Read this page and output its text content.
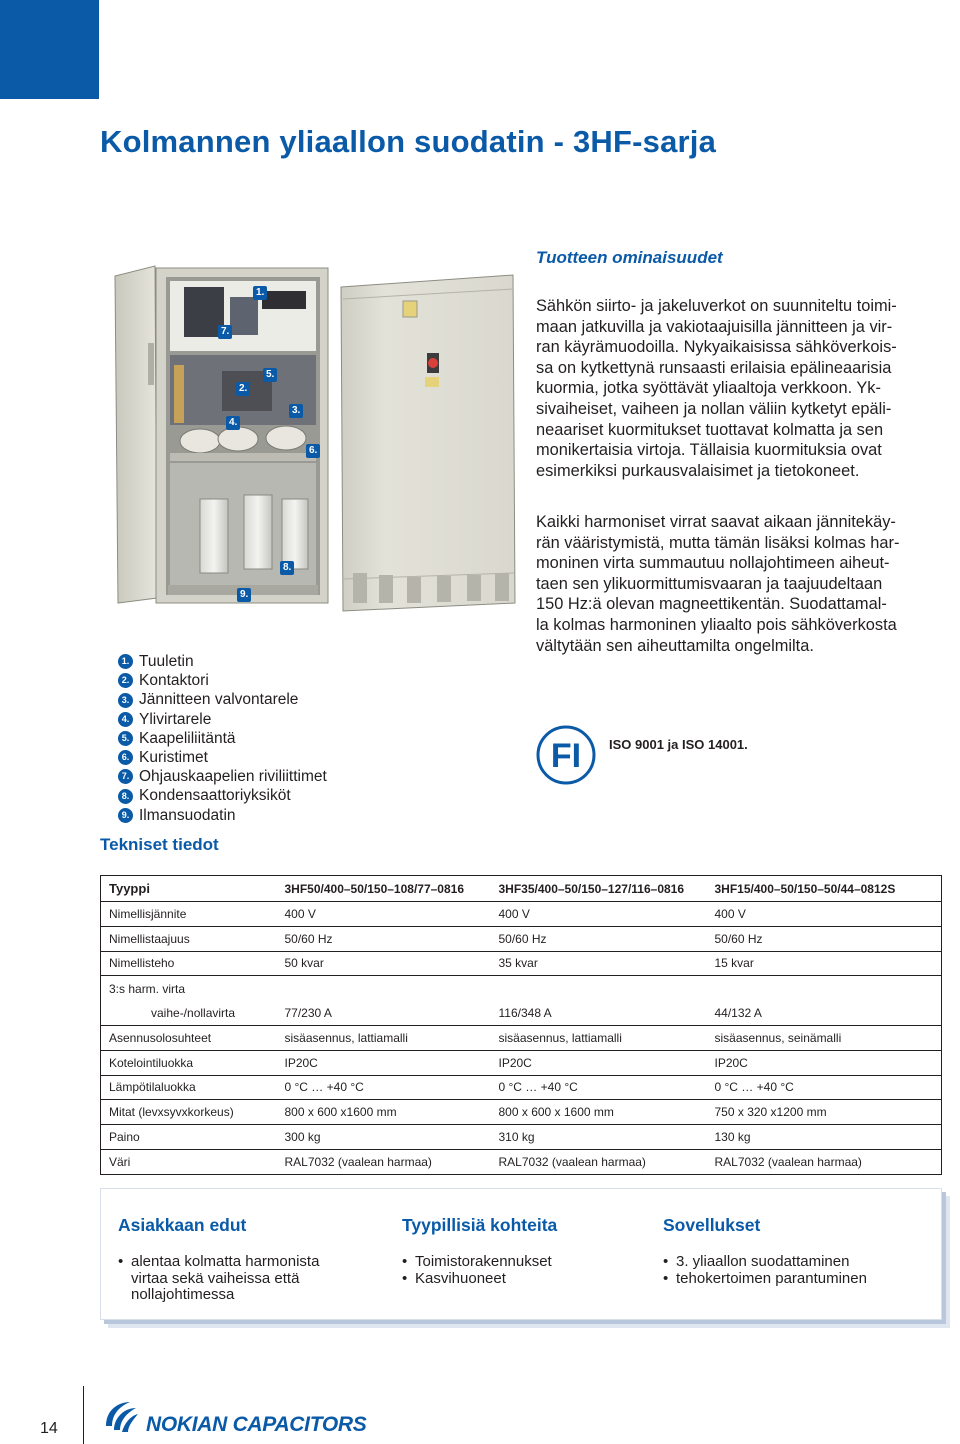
Kolmannen yliaallon suodatin - 3HF-sarja
1.
2.
3.
4.
5.
6.
7.
8.
9.
Tuotteen ominaisuudet

Sähkön siirto- ja jakeluverkot on suunniteltu toimi-

maan jatkuvilla ja vakiotaajuisilla jännitteen ja vir-

ran käyrämuodoilla. Nykyaikaisissa sähköverkois-

sa on kytkettynä runsaasti erilaisia epälineaarisia

kuormia, jotka syöttävät yliaaltoja verkkoon. Yk-

sivaiheiset, vaiheen ja nollan väliin kytketyt epäli-

neaariset kuormitukset tuottavat kolmatta ja sen

monikertaisia virtoja. Tällaisia kuormituksia ovat

esimerkiksi purkausvalaisimet ja tietokoneet.

Kaikki harmoniset virrat saavat aikaan jännitekäy-

rän vääristymistä, mutta tämän lisäksi kolmas har-

moninen virta summautuu nollajohtimeen aiheut-

taen sen ylikuormittumisvaaran ja taajuudeltaan

150 Hz:ä olevan magneettikentän. Suodattamal-

la kolmas harmoninen yliaalto pois sähköverkosta

vältytään sen aiheuttamilta ongelmilta.

FI ISO 9001 ja ISO 14001.
1. Tuuletin
2. Kontaktori
3. Jännitteen valvontarele
4. Ylivirtarele
5. Kaapeliliitäntä
6. Kuristimet
7. Ohjauskaapelien riviliittimet
8. Kondensaattoriyksiköt
9. Ilmansuodatin
Tekniset tiedot
Tyyppi	3HF50/400–50/150–108/77–0816	3HF35/400–50/150–127/116–0816	3HF15/400–50/150–50/44–0812S
Nimellisjännite	400 V	400 V	400 V
Nimellistaajuus	50/60 Hz	50/60 Hz	50/60 Hz
Nimellisteho	50 kvar	35 kvar	15 kvar
3:s harm. virta			
vaihe-/nollavirta	77/230 A	116/348 A	44/132 A
Asennusolosuhteet	sisäasennus, lattiamalli	sisäasennus, lattiamalli	sisäasennus, seinämalli
Kotelointiluokka	IP20C	IP20C	IP20C
Lämpötilaluokka	0 °C … +40 °C	0 °C … +40 °C	0 °C … +40 °C
Mitat (levxsyvxkorkeus)	800 x 600 x1600 mm	800 x 600 x 1600 mm	750 x 320 x1200 mm
Paino	300 kg	310 kg	130 kg
Väri	RAL7032 (vaalean harmaa)	RAL7032 (vaalean harmaa)	RAL7032 (vaalean harmaa)
Asiakkaan edut
• alentaa kolmatta harmonista
virtaa sekä vaiheissa että
nollajohtimessa
Tyypillisiä kohteita
• Toimistorakennukset
• Kasvihuoneet
Sovellukset
• 3. yliaallon suodattaminen
• tehokertoimen parantuminen
14	NOKIAN CAPACITORS
